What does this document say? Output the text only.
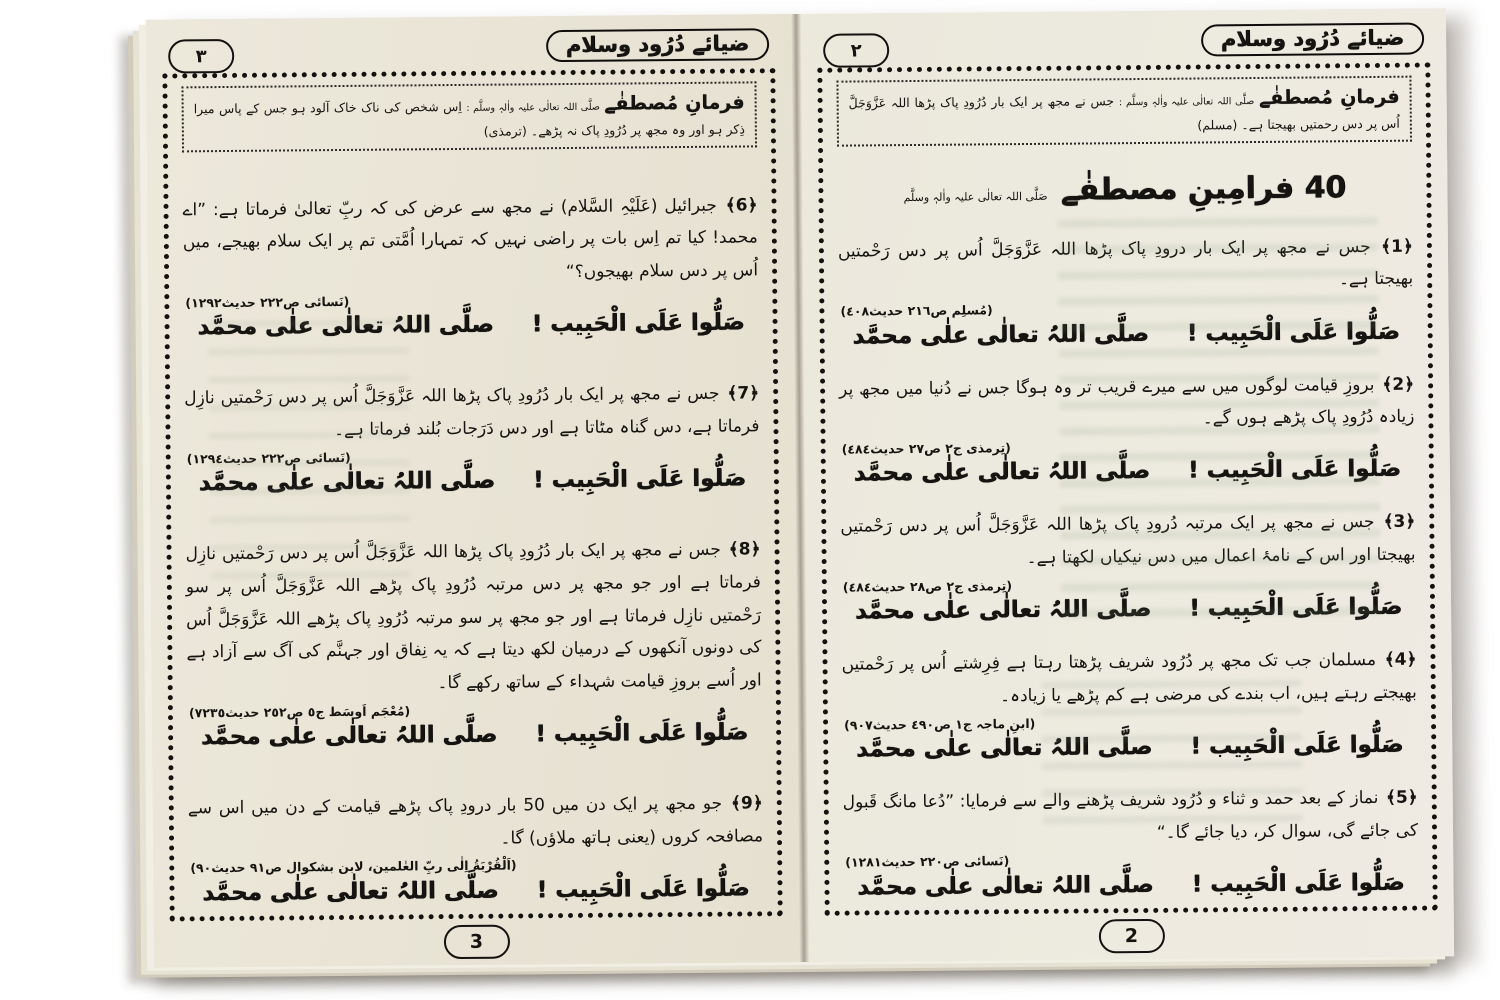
۳	ضیائے دُرُود وسلام
فرمانِ مُصطفٰے صلَّی اللہ تعالٰی علیہ واٰلہٖ وسلَّم : اِس شخص کی ناک خاک آلود ہو جس کے پاس میرا ذِکر ہو اور وہ مجھ پر دُرُودِ پاک نہ پڑھے۔ (ترمذی)
﴿6﴾ جبرائیل (عَلَیْہِ السَّلام) نے مجھ سے عرض کی کہ ربِّ تعالیٰ فرماتا ہے: ”اے محمد! کیا تم اِس بات پر راضی نہیں کہ تمہارا اُمَّتی تم پر ایک سلام بھیجے، میں اُس پر دس سلام بھیجوں؟“
(نَسائی ص٢٢٢ حدیث١٢٩٢)
صَلُّوا عَلَی الْحَبِیب !
صلَّی اللہُ تعالٰی علٰی محمَّد
﴿7﴾ جس نے مجھ پر ایک بار دُرُودِ پاک پڑھا اللہ عَزَّوَجَلَّ اُس پر دس رَحْمتیں نازِل فرماتا ہے، دس گناہ مٹاتا ہے اور دس دَرَجات بُلند فرماتا ہے۔
(نَسائی ص٢٢٢ حدیث١٢٩٤)
صَلُّوا عَلَی الْحَبِیب !
صلَّی اللہُ تعالٰی علٰی محمَّد
﴿8﴾ جس نے مجھ پر ایک بار دُرُودِ پاک پڑھا اللہ عَزَّوَجَلَّ اُس پر دس رَحْمتیں نازِل فرماتا ہے اور جو مجھ پر دس مرتبہ دُرُودِ پاک پڑھے اللہ عَزَّوَجَلَّ اُس پر سو رَحْمتیں نازِل فرماتا ہے اور جو مجھ پر سو مرتبہ دُرُودِ پاک پڑھے اللہ عَزَّوَجَلَّ اُس کی دونوں آنکھوں کے درمیان لکھ دیتا ہے کہ یہ نِفاق اور جہنَّم کی آگ سے آزاد ہے اور اُسے بروزِ قیامت شہداء کے ساتھ رکھے گا۔
(مُعْجَم اَوسَط ج٥ ص٢٥٢ حدیث٧٢٣٥)
صَلُّوا عَلَی الْحَبِیب !
صلَّی اللہُ تعالٰی علٰی محمَّد
﴿9﴾ جو مجھ پر ایک دن میں 50 بار درودِ پاک پڑھے قیامت کے دن میں اس سے مصافحہ کروں (یعنی ہاتھ ملاؤں) گا۔
(اَلْقُرْبَةُ اِلٰی ربِّ العٰلمین، لابن بشکوال ص٩١ حدیث٩٠)
صَلُّوا عَلَی الْحَبِیب !
صلَّی اللہُ تعالٰی علٰی محمَّد
3
۲	ضیائے دُرُود وسلام
فرمانِ مُصطفٰے صلَّی اللہ تعالٰی علیہ واٰلہٖ وسلَّم : جس نے مجھ پر ایک بار دُرُودِ پاک پڑھا اللہ عَزَّوَجَلَّ اُس پر دس رحمتیں بھیجتا ہے۔ (مسلم)
40 فرامِینِ مصطفٰے صَلَّی اللہ تعالٰی علیہ واٰلہٖ وسلَّم
﴿1﴾ جس نے مجھ پر ایک بار درودِ پاک پڑھا اللہ عَزَّوَجَلَّ اُس پر دس رَحْمتیں بھیجتا ہے۔
(مُسلِم ص٢١٦ حدیث٤٠٨)
صَلُّوا عَلَی الْحَبِیب !
صلَّی اللہُ تعالٰی علٰی محمَّد
﴿2﴾ بروزِ قیامت لوگوں میں سے میرے قریب تر وہ ہوگا جس نے دُنیا میں مجھ پر زیادہ دُرُودِ پاک پڑھے ہوں گے۔
(تِرمذی ج٢ ص٢٧ حدیث٤٨٤)
صَلُّوا عَلَی الْحَبِیب !
صلَّی اللہُ تعالٰی علٰی محمَّد
﴿3﴾ جس نے مجھ پر ایک مرتبہ دُرودِ پاک پڑھا اللہ عَزَّوَجَلَّ اُس پر دس رَحْمتیں بھیجتا اور اس کے نامۂ اعمال میں دس نیکیاں لکھتا ہے۔
(تِرمذی ج٢ ص٢٨ حدیث٤٨٤)
صَلُّوا عَلَی الْحَبِیب !
صلَّی اللہُ تعالٰی علٰی محمَّد
﴿4﴾ مسلمان جب تک مجھ پر دُرُود شریف پڑھتا رہتا ہے فِرِشتے اُس پر رَحْمتیں بھیجتے رہتے ہیں، اب بندے کی مرضی ہے کم پڑھے یا زیادہ۔
(ابنِ ماجہ ج١ ص٤٩٠ حدیث٩٠٧)
صَلُّوا عَلَی الْحَبِیب !
صلَّی اللہُ تعالٰی علٰی محمَّد
﴿5﴾ نماز کے بعد حمد و ثناء و دُرُود شریف پڑھنے والے سے فرمایا: ”دُعا مانگ قَبول کی جائے گی، سوال کر، دیا جائے گا۔“
(نَسائی ص٢٢٠ حدیث١٢٨١)
صَلُّوا عَلَی الْحَبِیب !
صلَّی اللہُ تعالٰی علٰی محمَّد
2
